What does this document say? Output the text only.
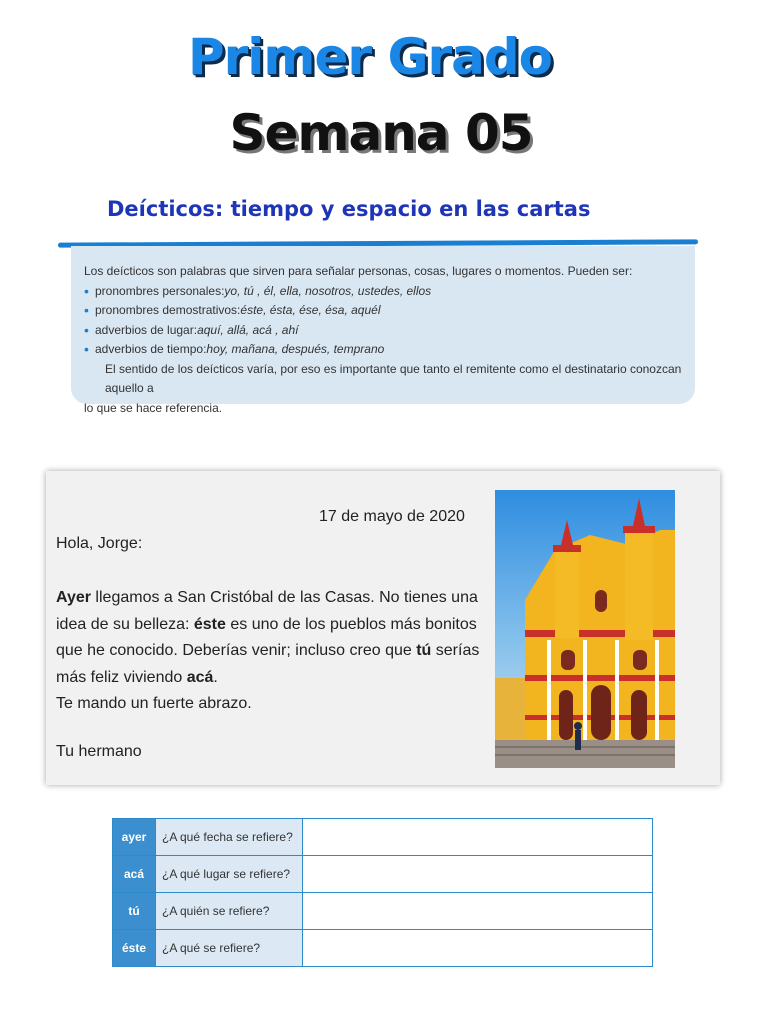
Primer Grado
Semana 05
Deícticos: tiempo y espacio en las cartas
Los deícticos son palabras que sirven para señalar personas, cosas, lugares o momentos. Pueden ser:
• pronombres personales: yo, tú , él, ella, nosotros, ustedes, ellos
• pronombres demostrativos: éste, ésta, ése, ésa, aquél
• adverbios de lugar: aquí, allá, acá , ahí
• adverbios de tiempo: hoy, mañana, después, temprano
El sentido de los deícticos varía, por eso es importante que tanto el remitente como el destinatario conozcan aquello a
lo que se hace referencia.
17 de mayo de 2020
Hola, Jorge:
Ayer llegamos a San Cristóbal de las Casas. No tienes una
idea de su belleza: éste es uno de los pueblos más bonitos
que he conocido. Deberías venir; incluso creo que tú serías
más feliz viviendo acá.
Te mando un fuerte abrazo.
Tu hermano
ayer	¿A qué fecha se refiere?	
acá	¿A qué lugar se refiere?	
tú	¿A quién se refiere?	
éste	¿A qué se refiere?	
